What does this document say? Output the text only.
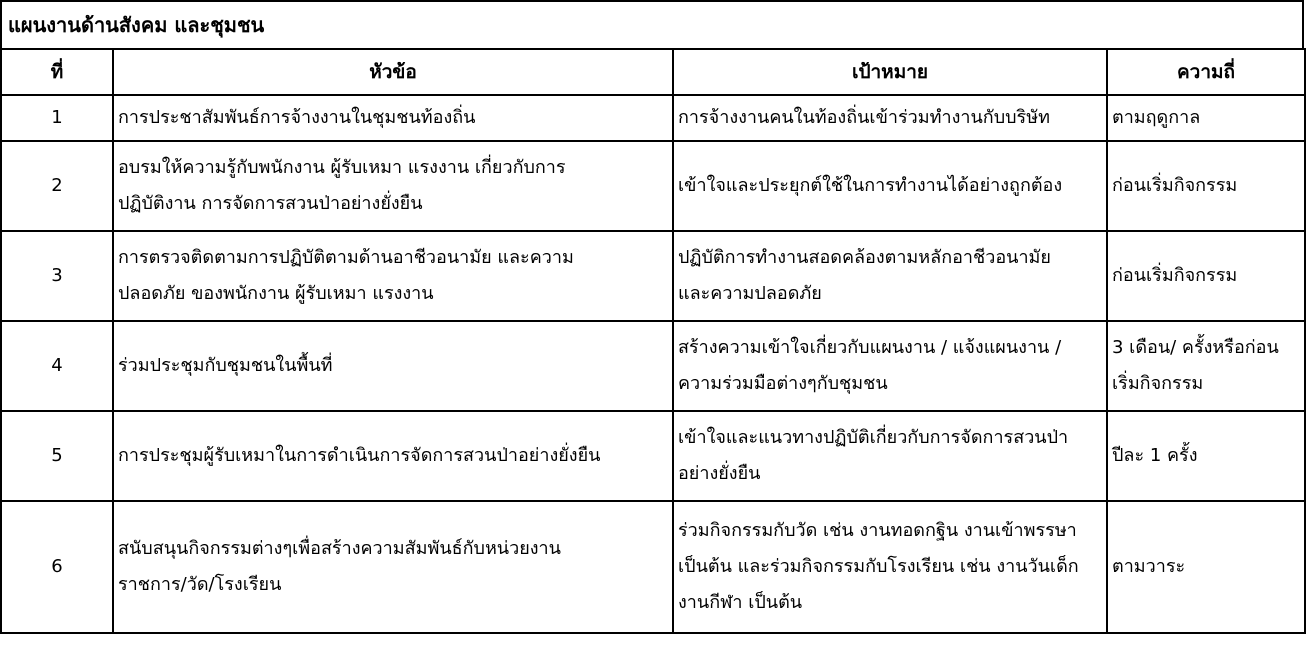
แผนงานด้านสังคม และชุมชน
ที่	หัวข้อ	เป้าหมาย	ความถี่
1	การประชาสัมพันธ์การจ้างงานในชุมชนท้องถิ่น	การจ้างงานคนในท้องถิ่นเข้าร่วมทำงานกับบริษัท	ตามฤดูกาล

2	อบรมให้ความรู้กับพนักงาน ผู้รับเหมา แรงงาน เกี่ยวกับการ
ปฏิบัติงาน การจัดการสวนป่าอย่างยั่งยืน	เข้าใจและประยุกต์ใช้ในการทำงานได้อย่างถูกต้อง	ก่อนเริ่มกิจกรรม

3	การตรวจติดตามการปฏิบัติตามด้านอาชีวอนามัย และความ
ปลอดภัย ของพนักงาน ผู้รับเหมา แรงงาน	ปฏิบัติการทำงานสอดคล้องตามหลักอาชีวอนามัย
และความปลอดภัย	ก่อนเริ่มกิจกรรม

4	ร่วมประชุมกับชุมชนในพื้นที่	สร้างความเข้าใจเกี่ยวกับแผนงาน / แจ้งแผนงาน /
ความร่วมมือต่างๆกับชุมชน	3 เดือน/ ครั้งหรือก่อน
เริ่มกิจกรรม

5	การประชุมผู้รับเหมาในการดำเนินการจัดการสวนป่าอย่างยั่งยืน	เข้าใจและแนวทางปฏิบัติเกี่ยวกับการจัดการสวนป่า
อย่างยั่งยืน	ปีละ 1 ครั้ง

6	สนับสนุนกิจกรรมต่างๆเพื่อสร้างความสัมพันธ์กับหน่วยงาน
ราชการ/วัด/โรงเรียน	ร่วมกิจกรรมกับวัด เช่น งานทอดกฐิน งานเข้าพรรษา
เป็นต้น และร่วมกิจกรรมกับโรงเรียน เช่น งานวันเด็ก
งานกีฬา เป็นต้น	ตามวาระ
